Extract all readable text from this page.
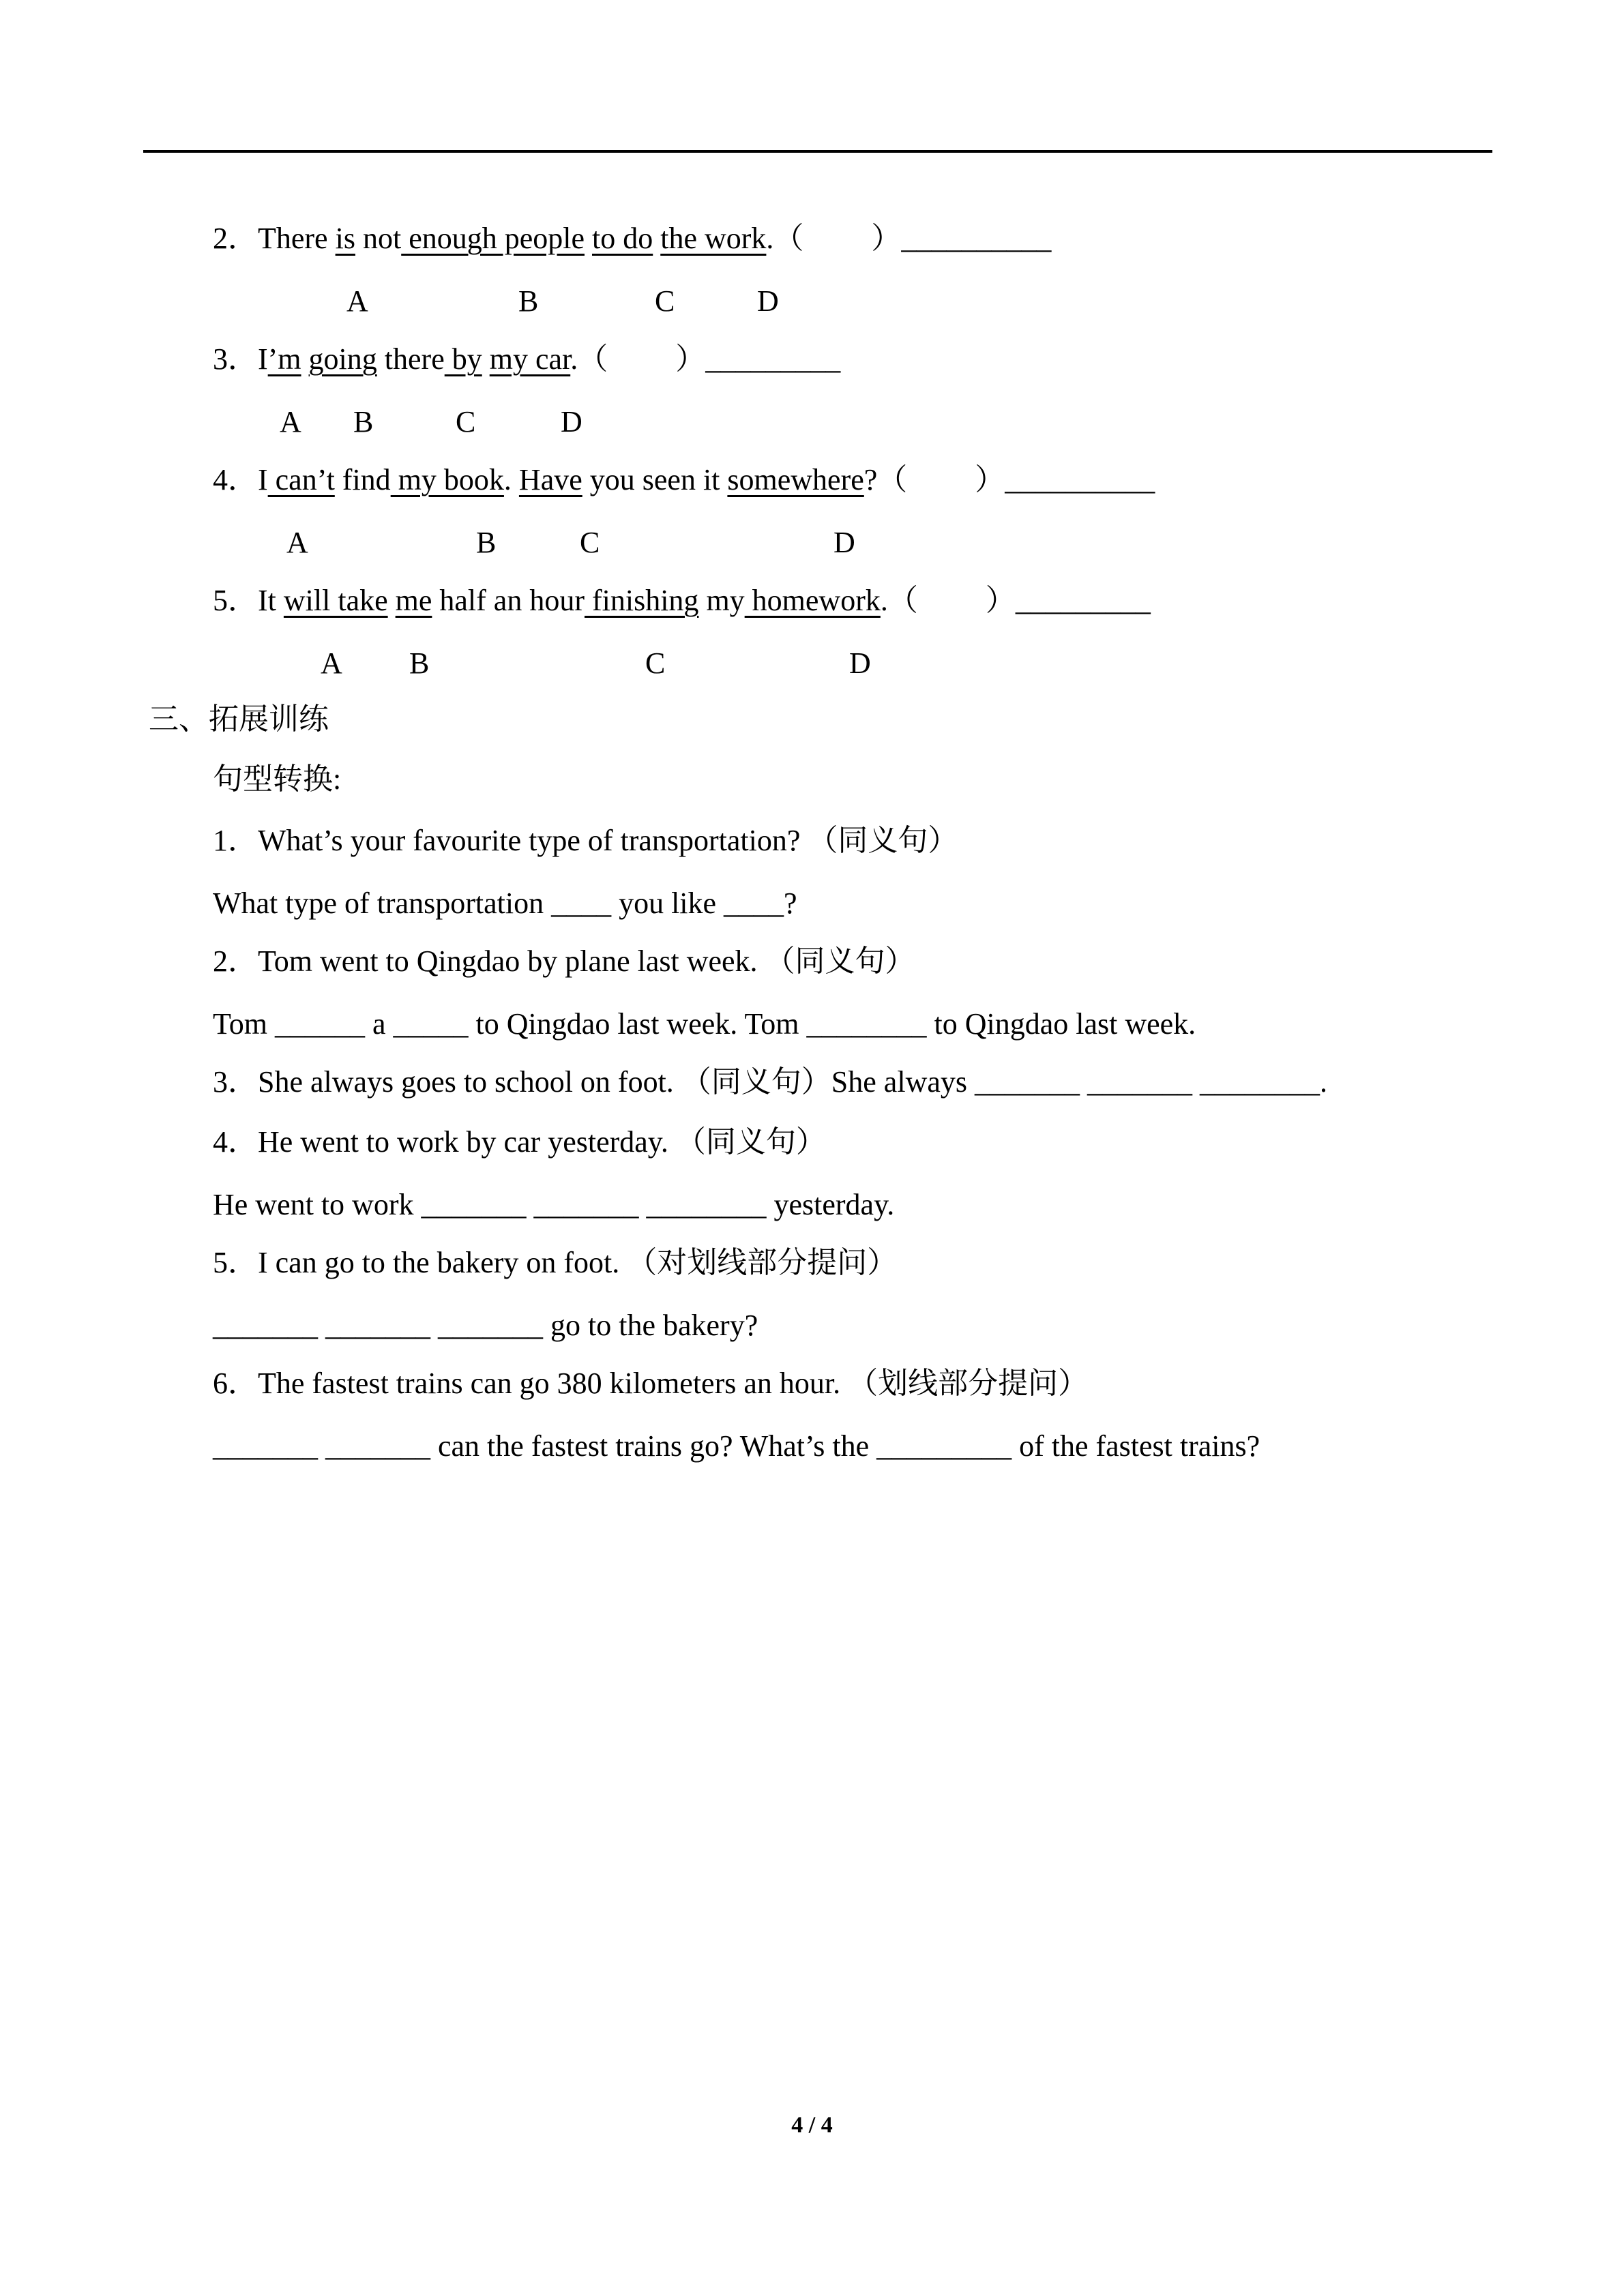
2．There is not enough people to do the work.（ 　　）__________
A	B	C	D
3．I’m going there by my car.（ 　　）_________
A B	C	D
4．I can’t find my book. Have you seen it somewhere?（ 　　）__________
A	B	C	D
5．It will take me half an hour finishing my homework.（ 　　）_________
A B	C	D
三、拓展训练
句型转换:
1．What’s your favourite type of transportation? （同义句）
What type of transportation ____ you like ____?
2．Tom went to Qingdao by plane last week. （同义句）
Tom ______ a _____ to Qingdao last week. Tom ________ to Qingdao last week.
3．She always goes to school on foot. （同义句）She always _______ _______ ________.
4．He went to work by car yesterday. （同义句）
He went to work _______ _______ ________ yesterday.
5．I can go to the bakery on foot. （对划线部分提问）
_______ _______ _______ go to the bakery?
6．The fastest trains can go 380 kilometers an hour. （划线部分提问）
_______ _______ can the fastest trains go? What’s the _________ of the fastest trains?
4 / 4
